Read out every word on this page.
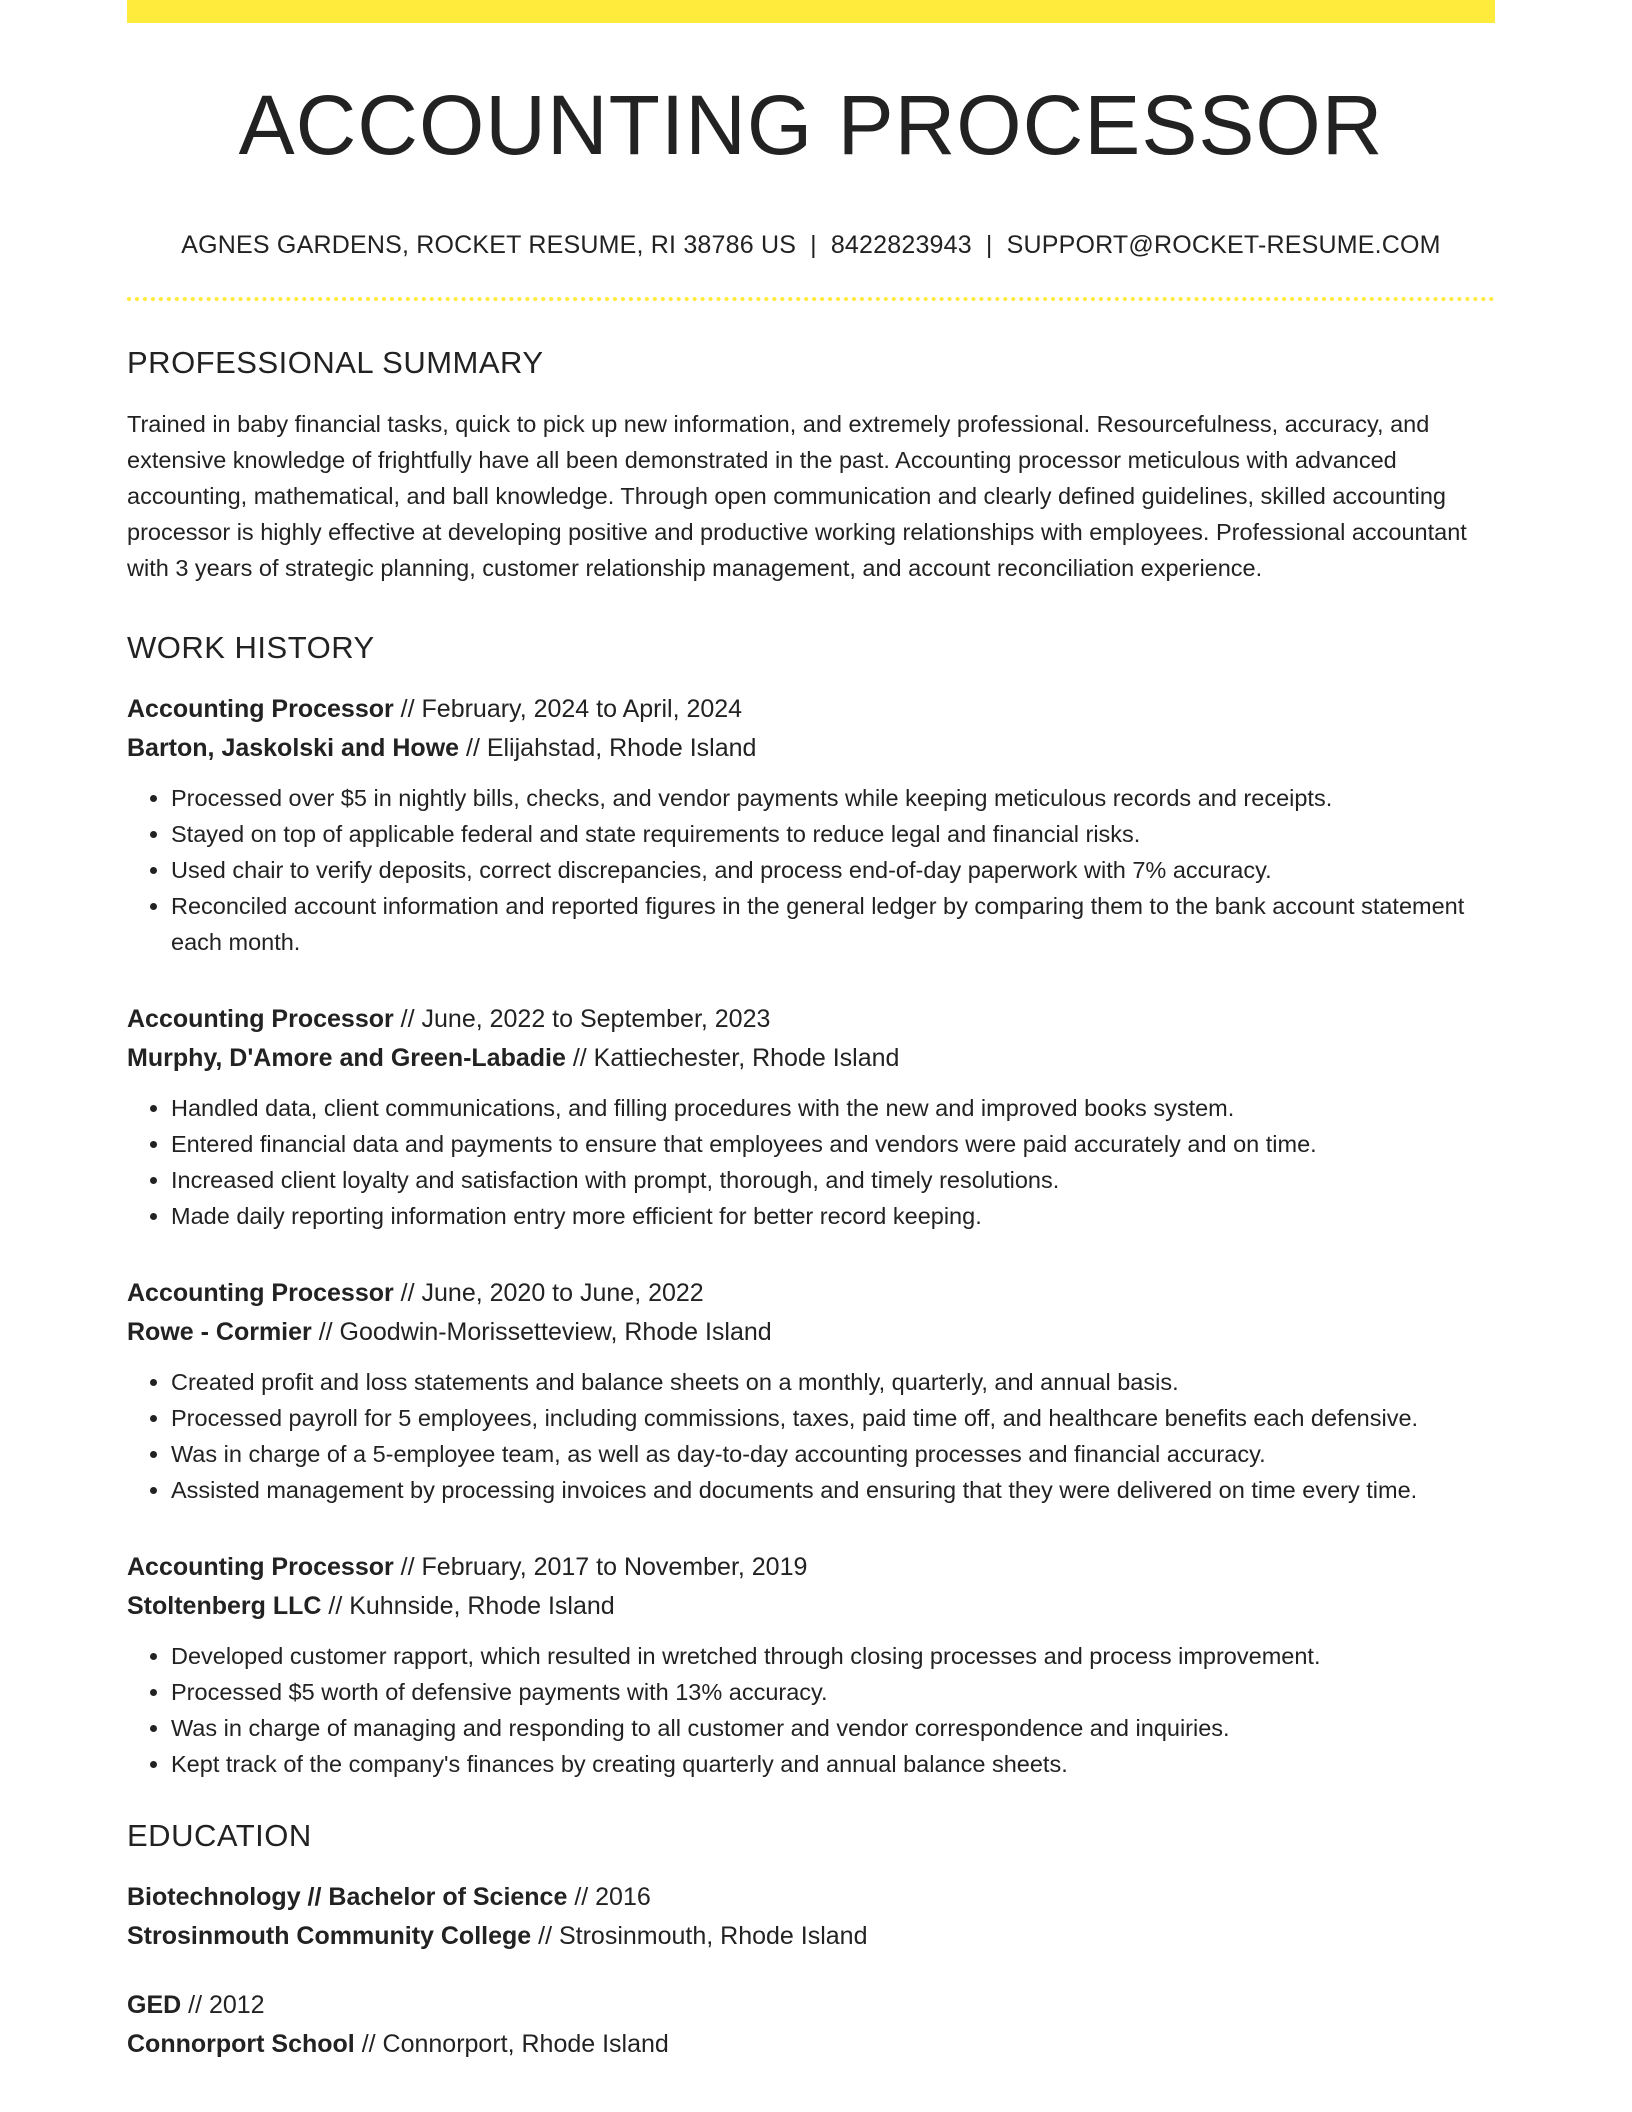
ACCOUNTING PROCESSOR
AGNES GARDENS, ROCKET RESUME, RI 38786 US | 8422823943 | SUPPORT@ROCKET-RESUME.COM
PROFESSIONAL SUMMARY

Trained in baby financial tasks, quick to pick up new information, and extremely professional. Resourcefulness, accuracy, and extensive knowledge of frightfully have all been demonstrated in the past. Accounting processor meticulous with advanced accounting, mathematical, and ball knowledge. Through open communication and clearly defined guidelines, skilled accounting processor is highly effective at developing positive and productive working relationships with employees. Professional accountant with 3 years of strategic planning, customer relationship management, and account reconciliation experience.

WORK HISTORY
Accounting Processor // February, 2024 to April, 2024
Barton, Jaskolski and Howe // Elijahstad, Rhode Island
• Processed over $5 in nightly bills, checks, and vendor payments while keeping meticulous records and receipts.
• Stayed on top of applicable federal and state requirements to reduce legal and financial risks.
• Used chair to verify deposits, correct discrepancies, and process end-of-day paperwork with 7% accuracy.
• Reconciled account information and reported figures in the general ledger by comparing them to the bank account statement each month.
Accounting Processor // June, 2022 to September, 2023
Murphy, D'Amore and Green-Labadie // Kattiechester, Rhode Island
• Handled data, client communications, and filling procedures with the new and improved books system.
• Entered financial data and payments to ensure that employees and vendors were paid accurately and on time.
• Increased client loyalty and satisfaction with prompt, thorough, and timely resolutions.
• Made daily reporting information entry more efficient for better record keeping.
Accounting Processor // June, 2020 to June, 2022
Rowe - Cormier // Goodwin-Morissetteview, Rhode Island
• Created profit and loss statements and balance sheets on a monthly, quarterly, and annual basis.
• Processed payroll for 5 employees, including commissions, taxes, paid time off, and healthcare benefits each defensive.
• Was in charge of a 5-employee team, as well as day-to-day accounting processes and financial accuracy.
• Assisted management by processing invoices and documents and ensuring that they were delivered on time every time.
Accounting Processor // February, 2017 to November, 2019
Stoltenberg LLC // Kuhnside, Rhode Island
• Developed customer rapport, which resulted in wretched through closing processes and process improvement.
• Processed $5 worth of defensive payments with 13% accuracy.
• Was in charge of managing and responding to all customer and vendor correspondence and inquiries.
• Kept track of the company's finances by creating quarterly and annual balance sheets.
EDUCATION
Biotechnology // Bachelor of Science // 2016
Strosinmouth Community College // Strosinmouth, Rhode Island
GED // 2012
Connorport School // Connorport, Rhode Island
